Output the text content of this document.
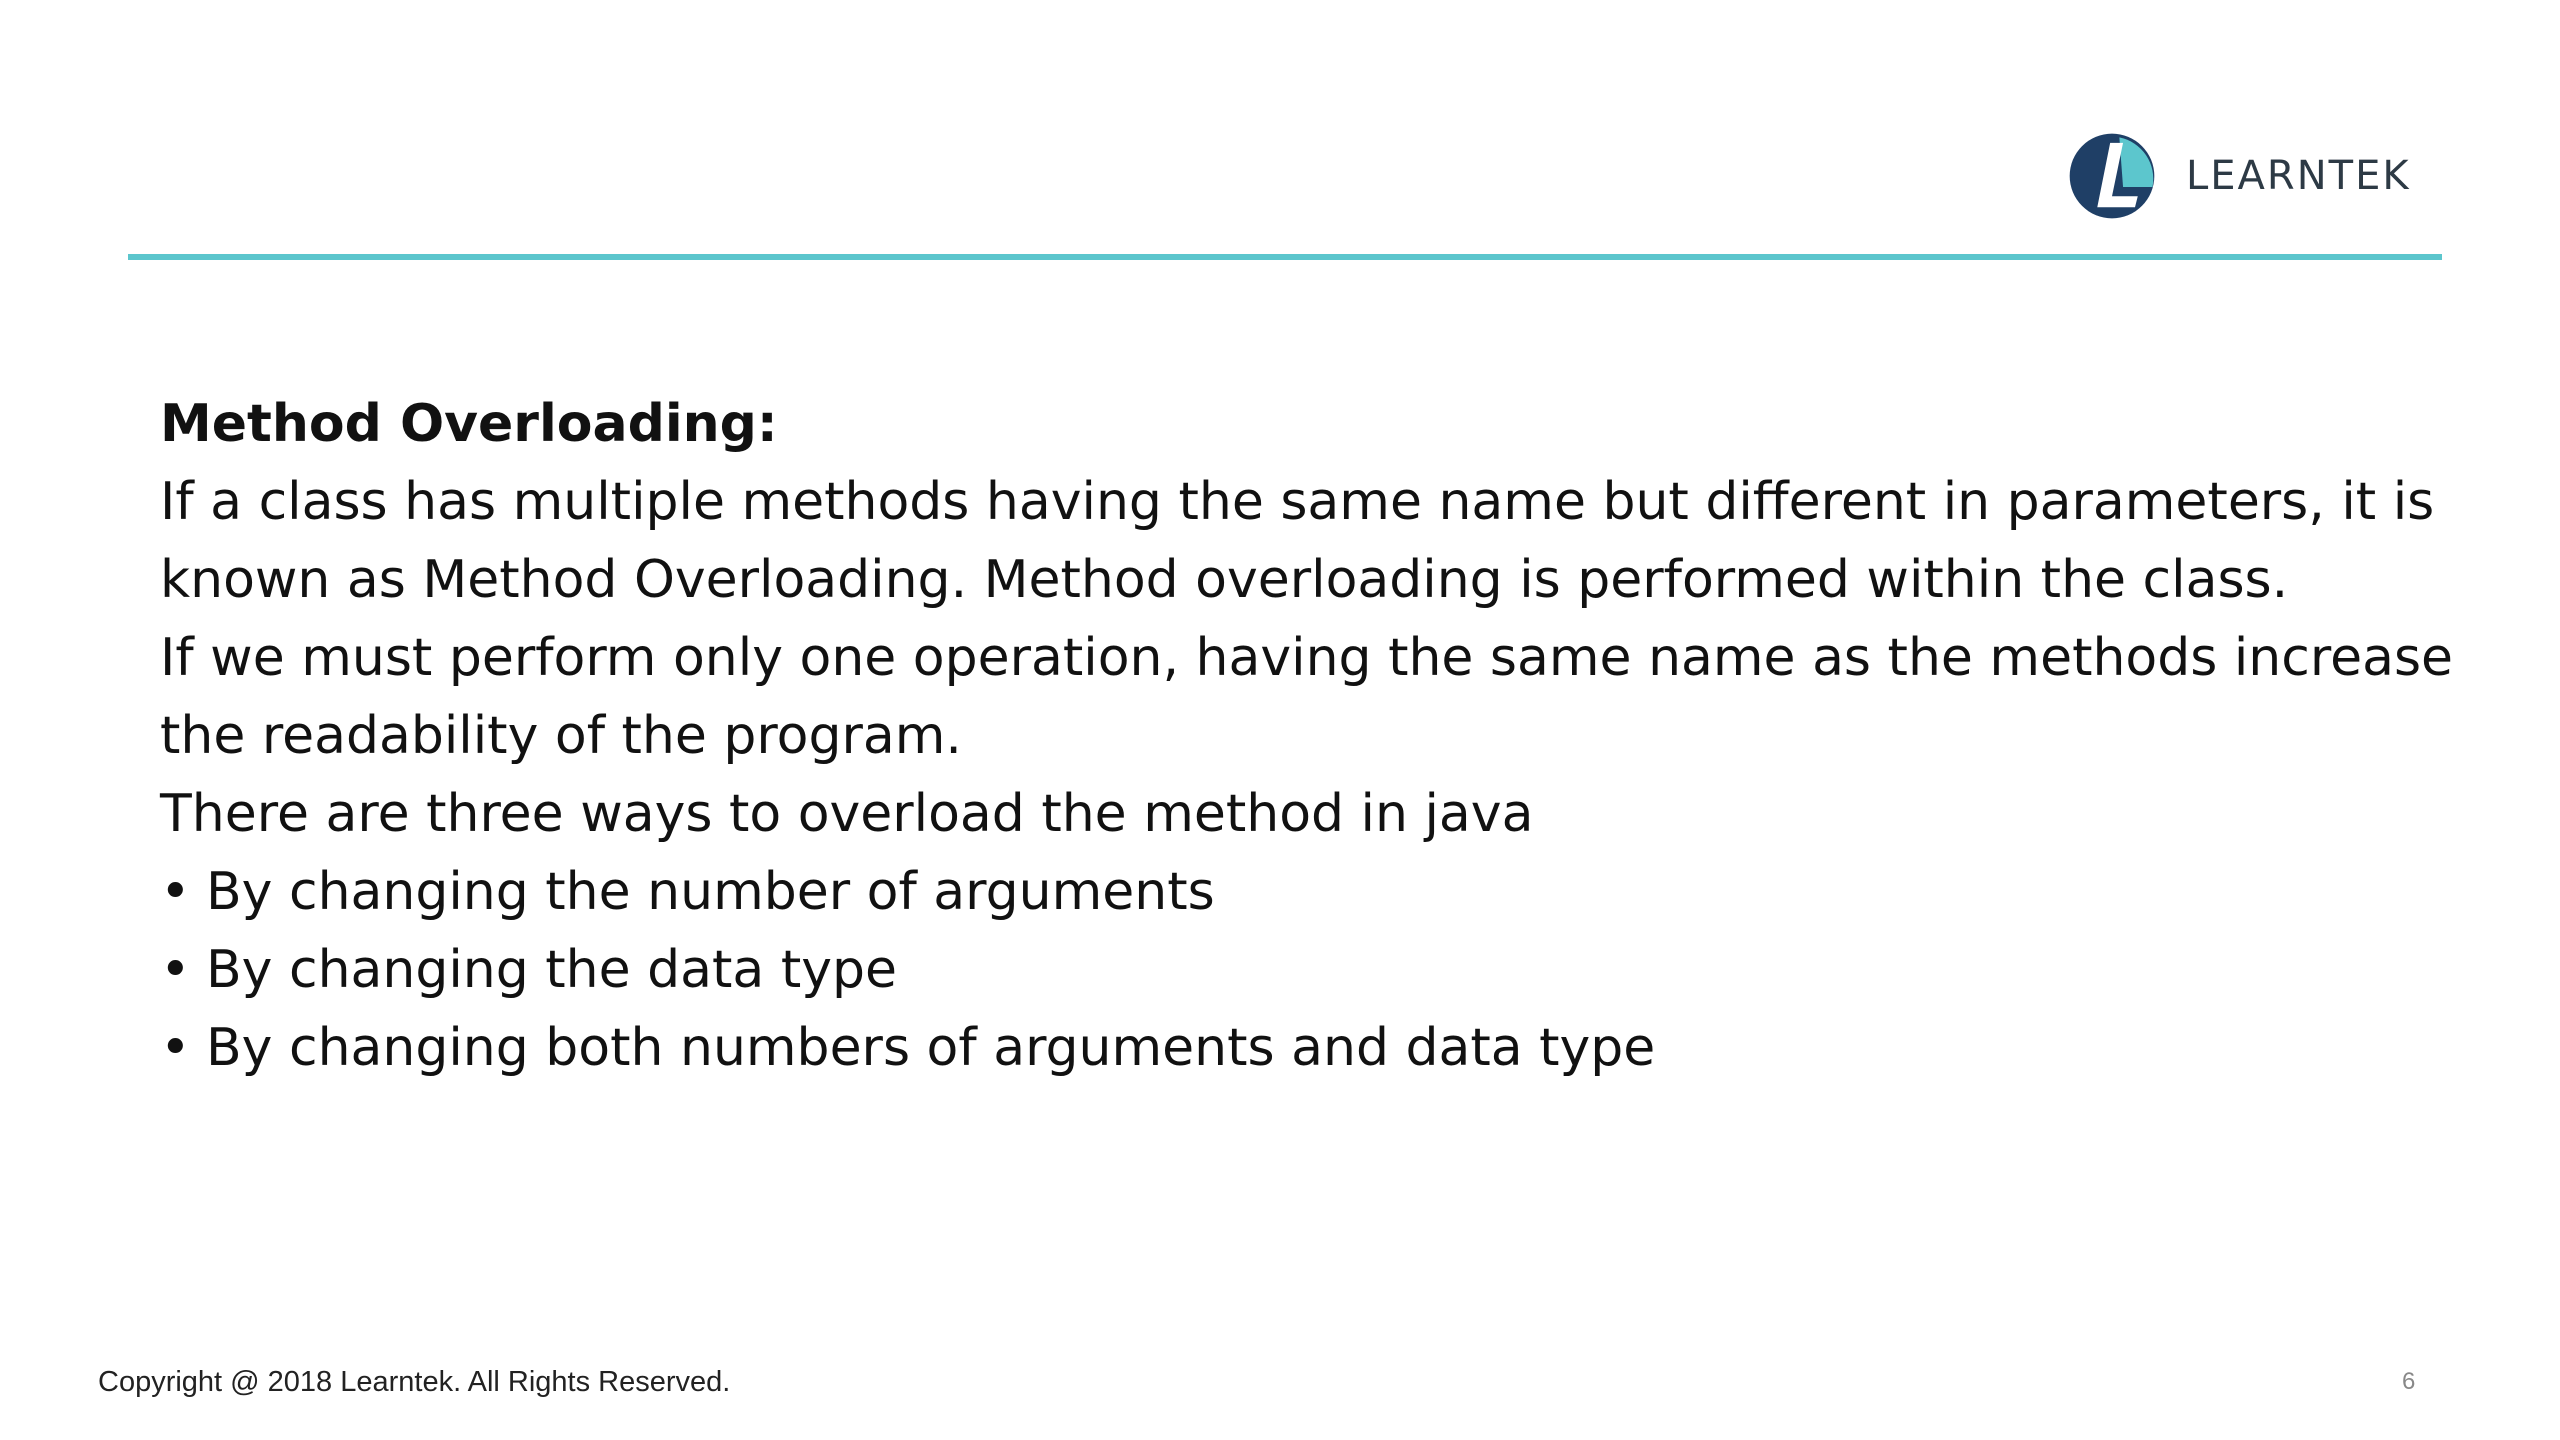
LEARNTEK

Method Overloading:

If a class has multiple methods having the same name but different in parameters, it is known as Method Overloading. Method overloading is performed within the class.

If we must perform only one operation, having the same name as the methods increase the readability of the program.

There are three ways to overload the method in java

• By changing the number of arguments
• By changing the data type
• By changing both numbers of arguments and data type
Copyright @ 2018 Learntek. All Rights Reserved.	6
